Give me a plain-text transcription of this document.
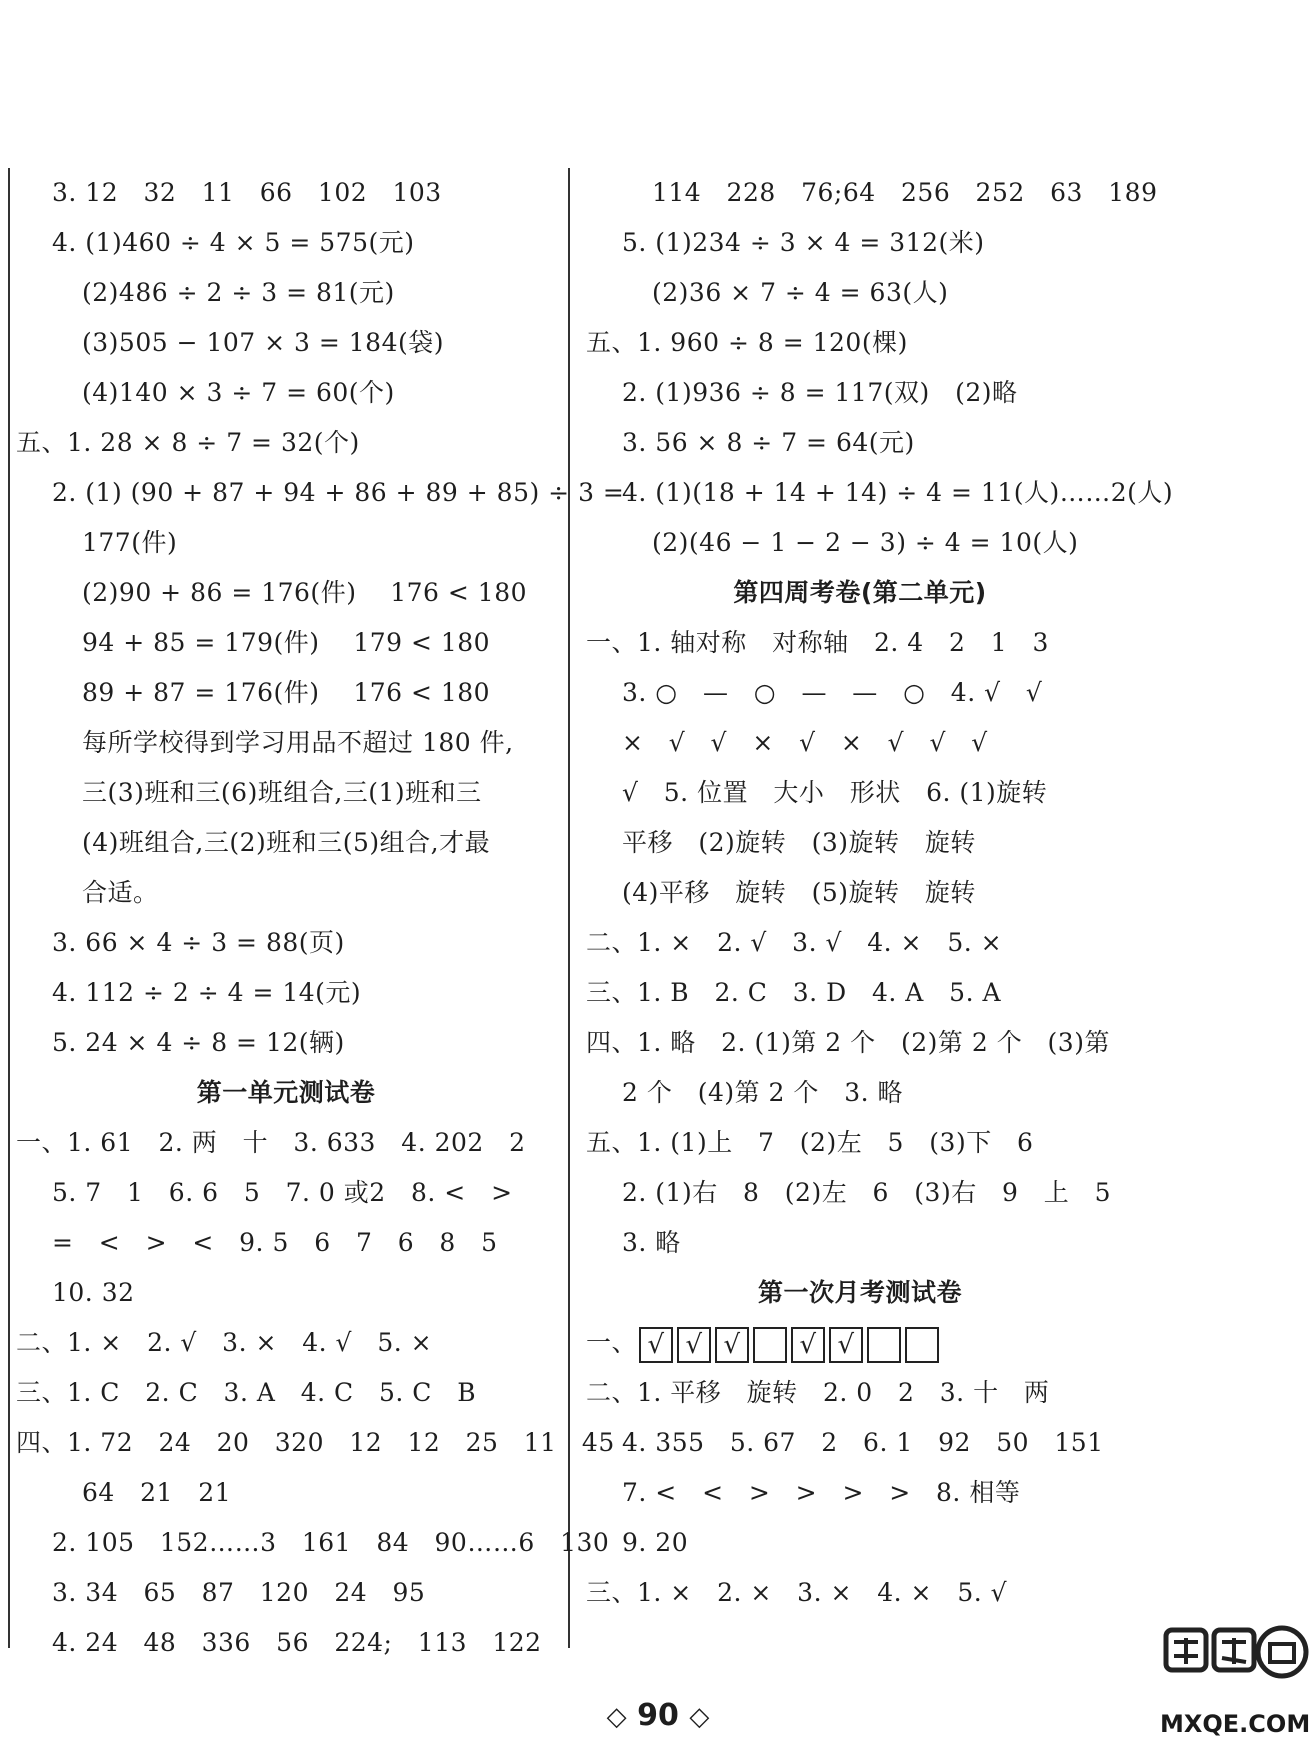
3. 12   32   11   66   102   103
4. (1)460 ÷ 4 × 5 = 575(元)
(2)486 ÷ 2 ÷ 3 = 81(元)
(3)505 − 107 × 3 = 184(袋)
(4)140 × 3 ÷ 7 = 60(个)
五、1. 28 × 8 ÷ 7 = 32(个)
2. (1) (90 + 87 + 94 + 86 + 89 + 85) ÷ 3 =
177(件)
(2)90 + 86 = 176(件)    176 < 180
94 + 85 = 179(件)    179 < 180
89 + 87 = 176(件)    176 < 180
每所学校得到学习用品不超过 180 件,
三(3)班和三(6)班组合,三(1)班和三
(4)班组合,三(2)班和三(5)组合,才最
合适。
3. 66 × 4 ÷ 3 = 88(页)
4. 112 ÷ 2 ÷ 4 = 14(元)
5. 24 × 4 ÷ 8 = 12(辆)
第一单元测试卷
一、1. 61   2. 两   十   3. 633   4. 202   2
5. 7   1   6. 6   5   7. 0 或2   8. <   >
=   <   >   <   9. 5   6   7   6   8   5
10. 32
二、1. ×   2. √   3. ×   4. √   5. ×
三、1. C   2. C   3. A   4. C   5. C   B
四、1. 72   24   20   320   12   12   25   11   45
64   21   21
2. 105   152……3   161   84   90……6   130
3. 34   65   87   120   24   95
4. 24   48   336   56   224;   113   122
114   228   76;64   256   252   63   189
5. (1)234 ÷ 3 × 4 = 312(米)
(2)36 × 7 ÷ 4 = 63(人)
五、1. 960 ÷ 8 = 120(棵)
2. (1)936 ÷ 8 = 117(双)   (2)略
3. 56 × 8 ÷ 7 = 64(元)
4. (1)(18 + 14 + 14) ÷ 4 = 11(人)……2(人)
(2)(46 − 1 − 2 − 3) ÷ 4 = 10(人)
第四周考卷(第二单元)
一、1. 轴对称   对称轴   2. 4   2   1   3
3. ○   —   ○   —   —   ○   4. √   √
×   √   √   ×   √   ×   √   √   √
√   5. 位置   大小   形状   6. (1)旋转
平移   (2)旋转   (3)旋转   旋转
(4)平移   旋转   (5)旋转   旋转
二、1. ×   2. √   3. √   4. ×   5. ×
三、1. B   2. C   3. D   4. A   5. A
四、1. 略   2. (1)第 2 个   (2)第 2 个   (3)第
2 个   (4)第 2 个   3. 略
五、1. (1)上   7   (2)左   5   (3)下   6
2. (1)右   8   (2)左   6   (3)右   9   上   5
3. 略
第一次月考测试卷
一、 √ √ √	√ √
二、1. 平移   旋转   2. 0   2   3. 十   两
4. 355   5. 67   2   6. 1   92   50   151
7. <   <   >   >   >   >   8. 相等
9. 20
三、1. ×   2. ×   3. ×   4. ×   5. √
◇ 90 ◇	MXQE.COM
